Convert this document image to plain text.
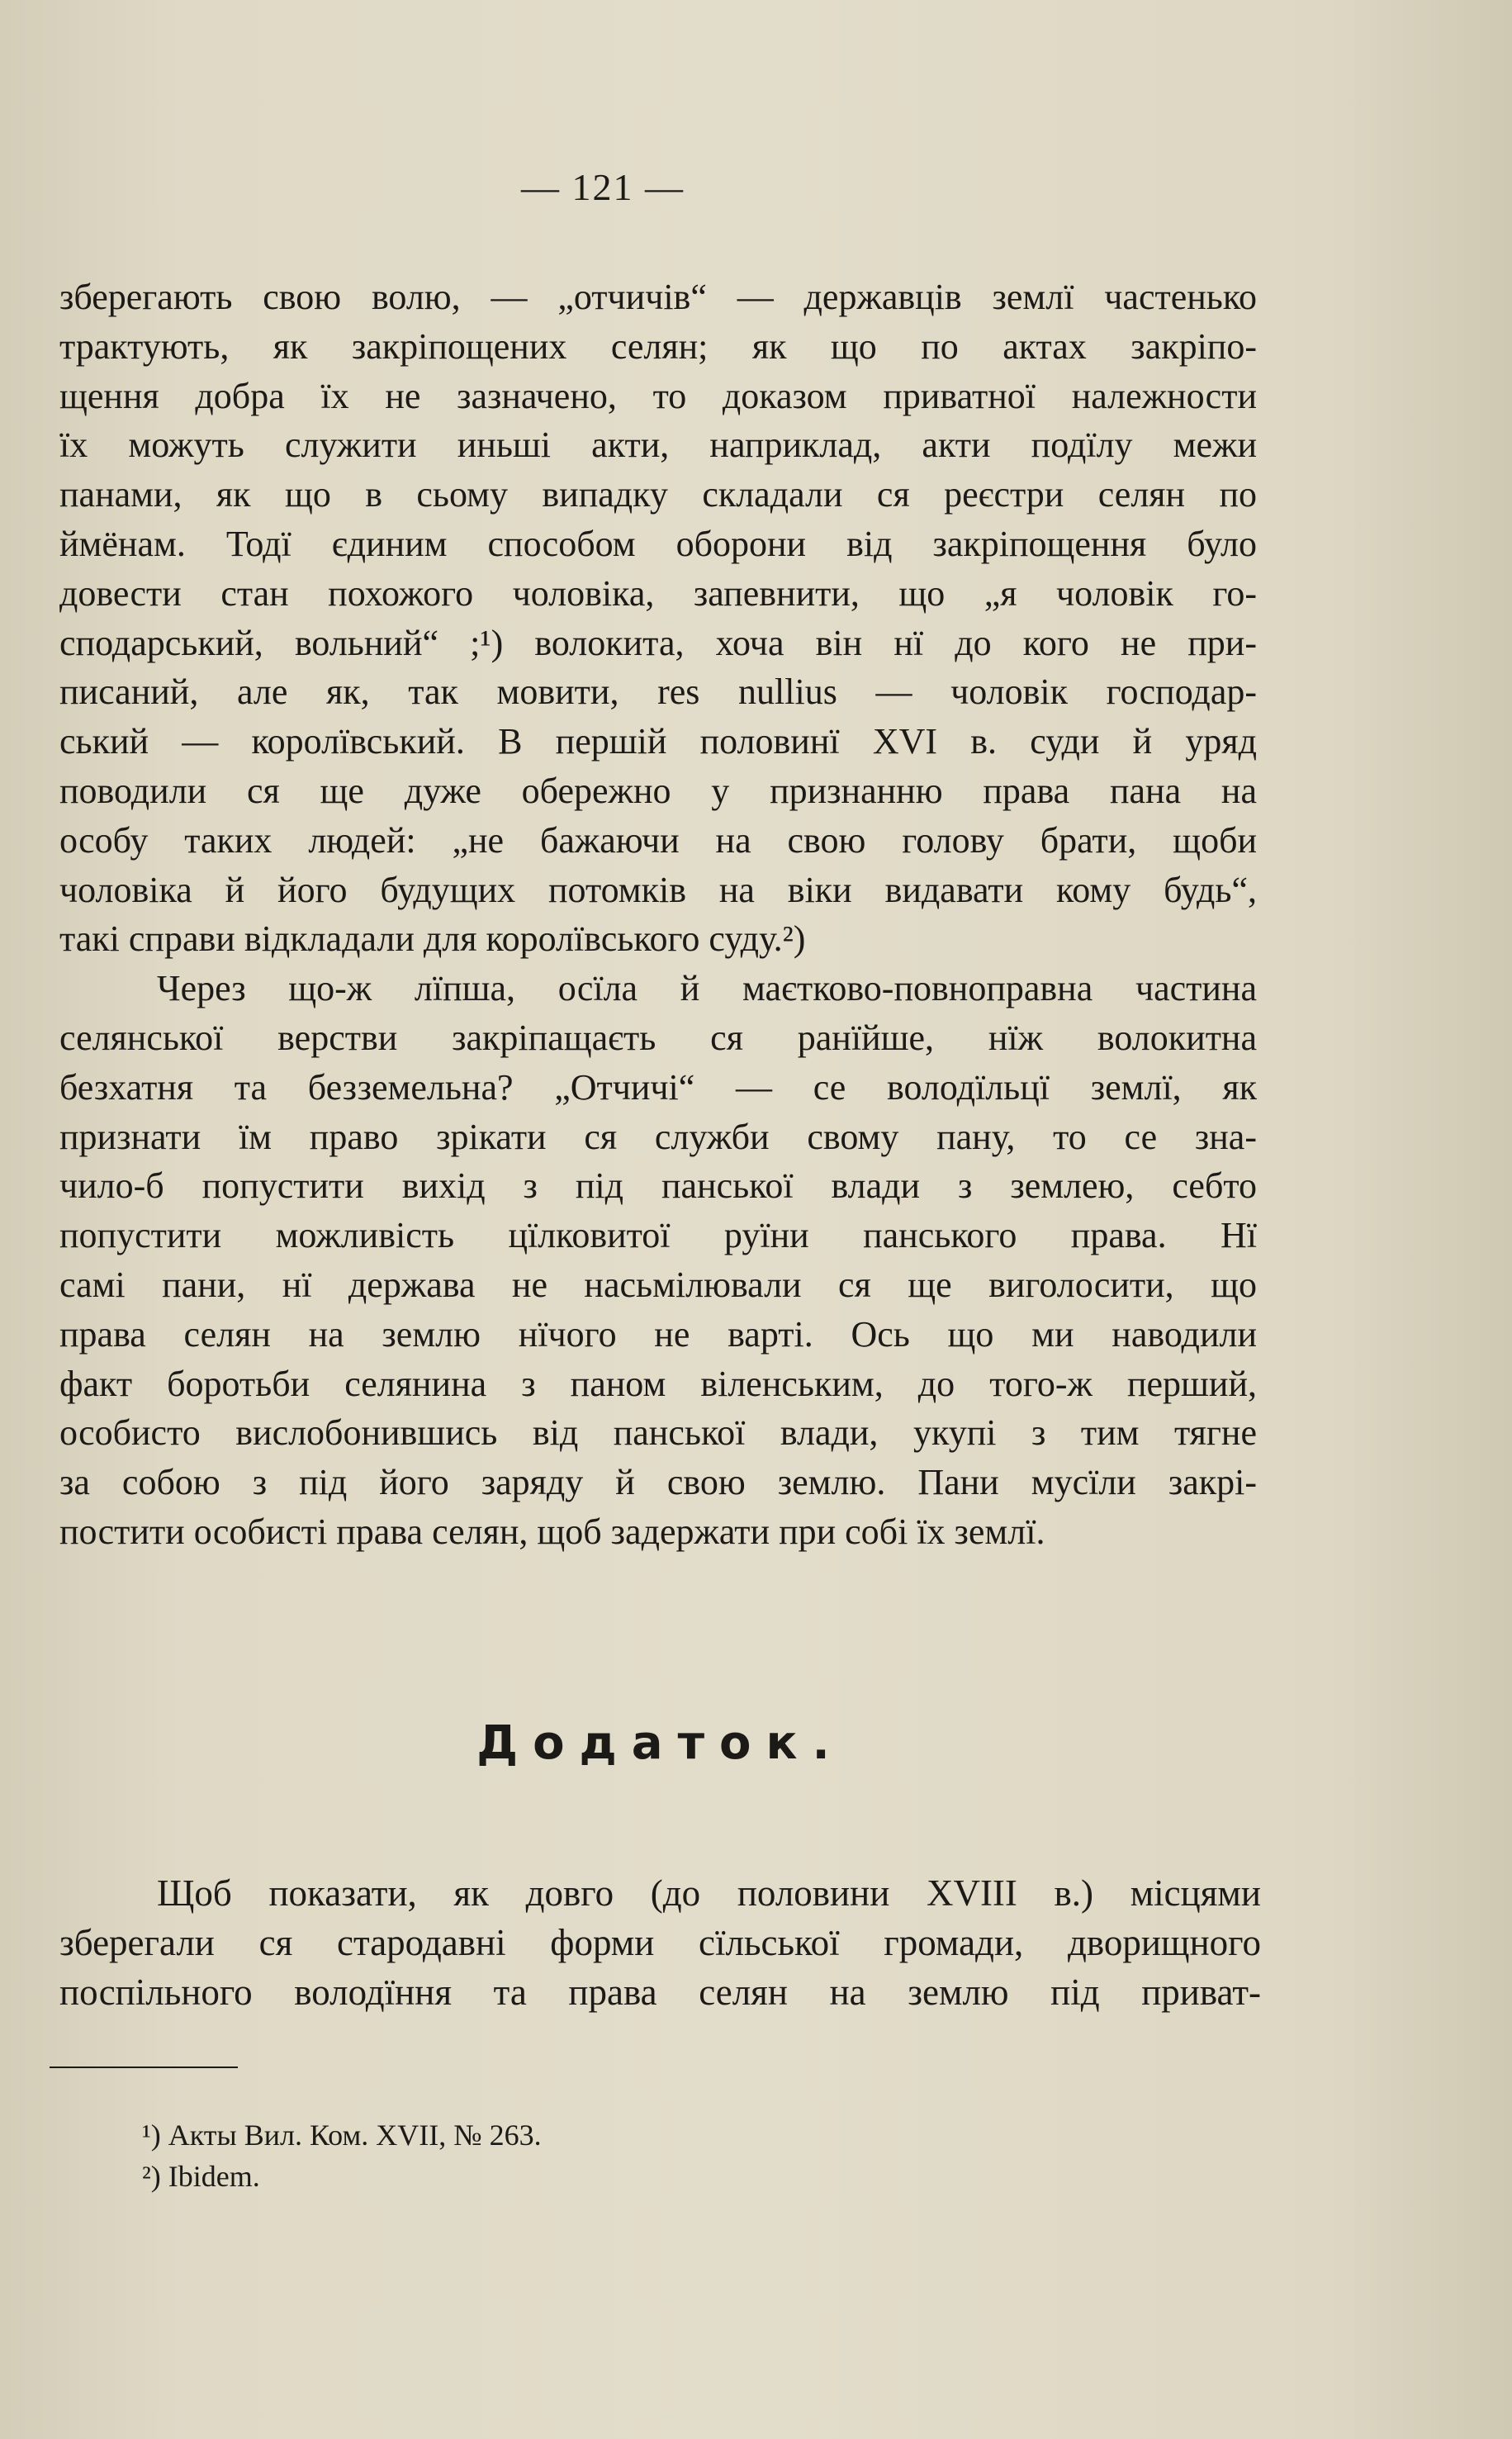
— 121 —

зберегають свою волю, — „отчичів“ — державців землї частенько
трактують, як закріпощених селян; як що по актах закріпо-
щення добра їх не зазначено, то доказом приватної належности
їх можуть служити иньші акти, наприклад, акти подїлу межи
панами, як що в сьому випадку складали ся реєстри селян по
ймёнам. Тодї єдиним способом оборони від закріпощення було
довести стан похожого чоловіка, запевнити, що „я чоловік го-
сподарський, вольний“ ;¹) волокита, хоча він нї до кого не при-
писаний, але як, так мовити, res nullius — чоловік господар-
ський — королївський. В першій половинї XVI в. суди й уряд
поводили ся ще дуже обережно у признанню права пана на
особу таких людей: „не бажаючи на свою голову брати, щоби
чоловіка й його будущих потомків на віки видавати кому будь“,
такі справи відкладали для королївського суду.²)

Через що-ж лїпша, осїла й маєтково-повноправна частина
селянської верстви закріпащаєть ся ранїйше, нїж волокитна
безхатня та безземельна? „Отчичі“ — се володїльцї землї, як
признати їм право зрікати ся служби свому пану, то се зна-
чило-б попустити вихід з під панської влади з землею, себто
попустити можливість цїлковитої руїни панського права. Нї
самі пани, нї держава не насьмілювали ся ще виголосити, що
права селян на землю нїчого не варті. Ось що ми наводили
факт боротьби селянина з паном віленським, до того-ж перший,
особисто вислобонившись від панської влади, укупі з тим тягне
за собою з під його заряду й свою землю. Пани мусїли закрі-
постити особисті права селян, щоб задержати при собі їх землї.

Додаток.
Щоб показати, як довго (до половини XVIII в.) місцями
зберегали ся стародавні форми сїльської громади, дворищного
поспільного володїння та права селян на землю під приват-
¹) Акты Вил. Ком. XVII, № 263.
²) Ibidem.
